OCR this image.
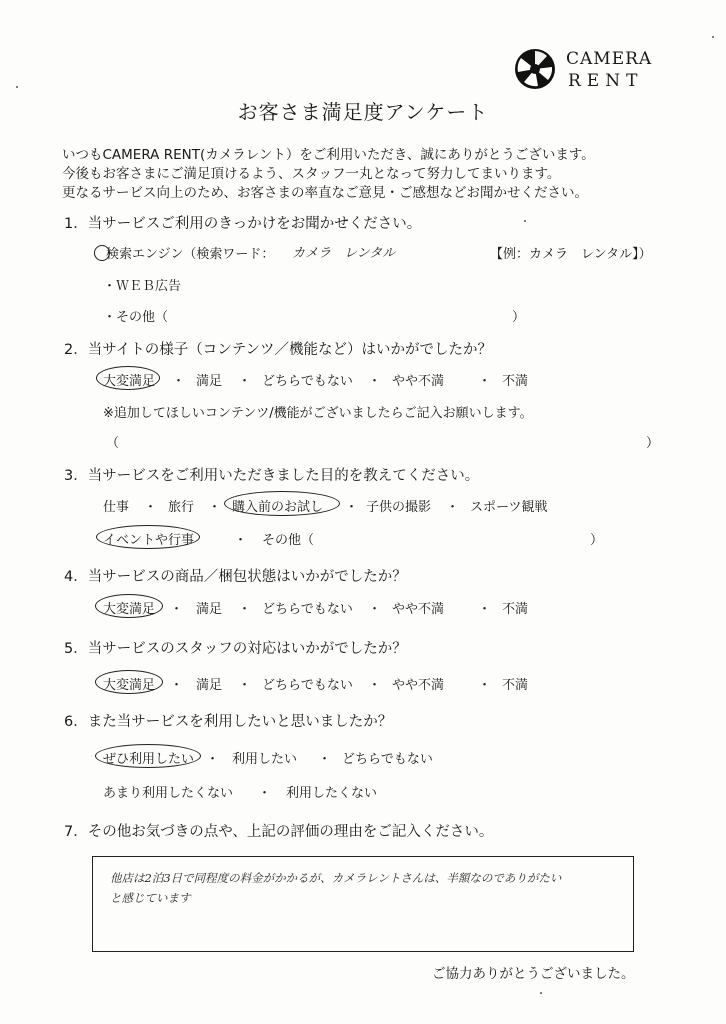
CAMERA
RENT
お客さま満足度アンケート
いつもCAMERA RENT(カメラレント）をご利用いただき、誠にありがとうございます。
今後もお客さまにご満足頂けるよう、スタッフ一丸となって努力してまいります。
更なるサービス向上のため、お客さまの率直なご意見・ご感想などお聞かせください。
1．当サービスご利用のきっかけをお聞かせください。
検索エンジン（検索ワード： カメラ　レンタル	【例：カメラ　レンタル】）
・ＷＥＢ広告
・その他（	）
2．当サイトの様子（コンテンツ／機能など）はいかがでしたか？
大変満足 ・ 満足 ・ どちらでもない ・ やや不満	・ 不満
※追加してほしいコンテンツ/機能がございましたらご記入お願いします。
（	）
3．当サービスをご利用いただきました目的を教えてください。
仕事 ・ 旅行 ・ 購入前のお試し ・ 子供の撮影 ・ スポーツ観戦
イベントや行事	・ その他（	）
4．当サービスの商品／梱包状態はいかがでしたか？
大変満足 ・ 満足 ・ どちらでもない ・ やや不満	・ 不満
5．当サービスのスタッフの対応はいかがでしたか？
大変満足 ・ 満足 ・ どちらでもない ・ やや不満	・ 不満
6．また当サービスを利用したいと思いましたか？
ぜひ利用したい ・ 利用したい ・ どちらでもない
あまり利用したくない ・ 利用したくない
7．その他お気づきの点や、上記の評価の理由をご記入ください。
他店は2泊3日で同程度の料金がかかるが、カメラレントさんは、半額なのでありがたい
と感じています
ご協力ありがとうございました。
